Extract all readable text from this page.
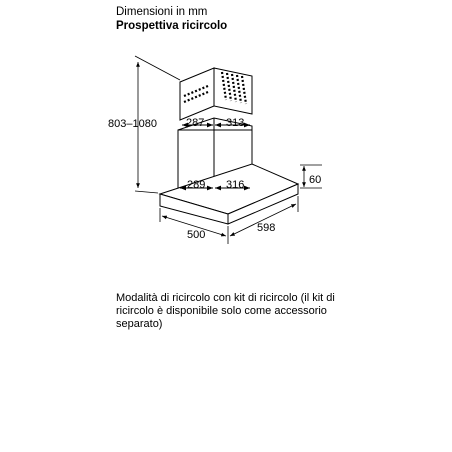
Dimensioni in mm
Prospettiva ricircolo
803–1080	287 313
289 316	60
500
598
Modalità di ricircolo con kit di ricircolo (il kit di ricircolo è disponibile solo come accessorio separato)
